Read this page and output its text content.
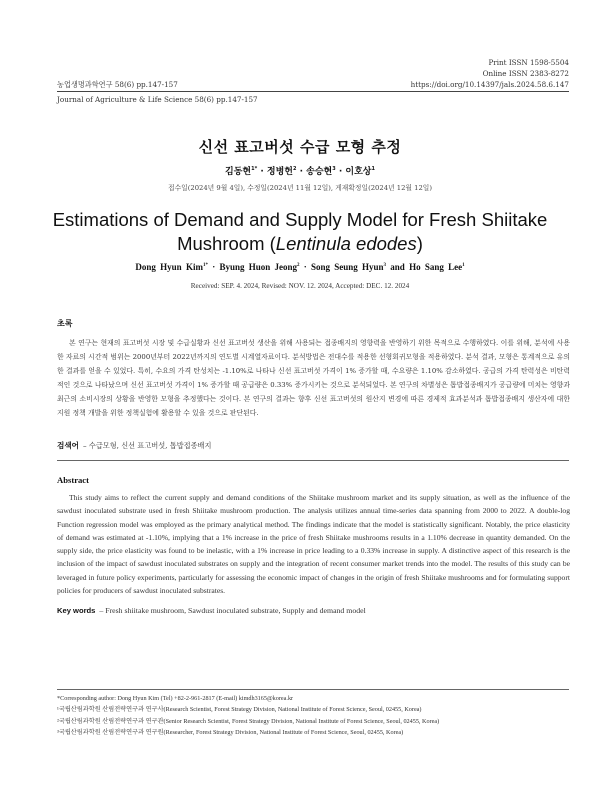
Print ISSN 1598-5504
Online ISSN 2383-8272
농업생명과학연구 58(6) pp.147-157	https://doi.org/10.14397/jals.2024.58.6.147
Journal of Agriculture & Life Science 58(6) pp.147-157
신선 표고버섯 수급 모형 추정
김동현$^{1*}$ · 정병헌$^2$ · 송승현$^3$ · 이호상$^1$
접수일(2024년 9월 4일), 수정일(2024년 11월 12일), 게재확정일(2024년 12월 12일)
Estimations of Demand and Supply Model for Fresh Shiitake
Mushroom (Lentinula edodes)
Dong Hyun Kim$^{1*}$ · Byung Huon Jeong$^2$ · Song Seung Hyun$^3$ and Ho Sang Lee$^1$
Received: SEP. 4. 2024, Revised: NOV. 12. 2024, Accepted: DEC. 12. 2024
초록
본 연구는 현재의 표고버섯 시장 및 수급실황과 신선 표고버섯 생산을 위해 사용되는 접종배지의 영향력을 반영하기 위한 목적으로 수행하였다. 이를 위해, 분석에 사용한 자료의 시간적 범위는 2000년부터 2022년까지의 연도별 시계열자료이다. 분석방법은 전대수를 적용한 선형회귀모형을 적용하였다. 분석 결과, 모형은 통계적으로 유의한 결과를 얻을 수 있었다. 특히, 수요의 가격 탄성치는 -1.10%로 나타나 신선 표고버섯 가격이 1% 증가할 때, 수요량은 1.10% 감소하였다. 공급의 가격 탄력성은 비탄력적인 것으로 나타났으며 신선 표고버섯 가격이 1% 증가할 때 공급량은 0.33% 증가시키는 것으로 분석되었다. 본 연구의 차별성은 톱밥접종배지가 공급량에 미치는 영향과 최근의 소비시장의 상황을 반영한 모형을 추정했다는 것이다. 본 연구의 결과는 향후 신선 표고버섯의 원산지 변경에 따른 경제적 효과분석과 톱밥접종배지 생산자에 대한 지원 정책 개발을 위한 정책실험에 활용할 수 있을 것으로 판단된다.
검색어 – 수급모형, 신선 표고버섯, 톱밥접종배지
Abstract
This study aims to reflect the current supply and demand conditions of the Shiitake mushroom market and its supply situation, as well as the influence of the sawdust inoculated substrate used in fresh Shiitake mushroom production. The analysis utilizes annual time-series data spanning from 2000 to 2022. A double-log Function regression model was employed as the primary analytical method. The findings indicate that the model is statistically significant. Notably, the price elasticity of demand was estimated at -1.10%, implying that a 1% increase in the price of fresh Shiitake mushrooms results in a 1.10% decrease in quantity demanded. On the supply side, the price elasticity was found to be inelastic, with a 1% increase in price leading to a 0.33% increase in supply. A distinctive aspect of this research is the inclusion of the impact of sawdust inoculated substrates on supply and the integration of recent consumer market trends into the model. The results of this study can be leveraged in future policy experiments, particularly for assessing the economic impact of changes in the origin of fresh Shiitake mushrooms and for formulating support policies for producers of sawdust inoculated substrates.
Key words – Fresh shiitake mushroom, Sawdust inoculated substrate, Supply and demand model
*Corresponding author: Dong Hyun Kim (Tel) +82-2-961-2817 (E-mail) kimdh3165@korea.kr
¹국립산림과학원 산림전략연구과 연구사(Research Scientist, Forest Strategy Division, National Institute of Forest Science, Seoul, 02455, Korea)
²국립산림과학원 산림전략연구과 연구관(Senior Research Scientist, Forest Strategy Division, National Institute of Forest Science, Seoul, 02455, Korea)
³국립산림과학원 산림전략연구과 연구원(Researcher, Forest Strategy Division, National Institute of Forest Science, Seoul, 02455, Korea)
